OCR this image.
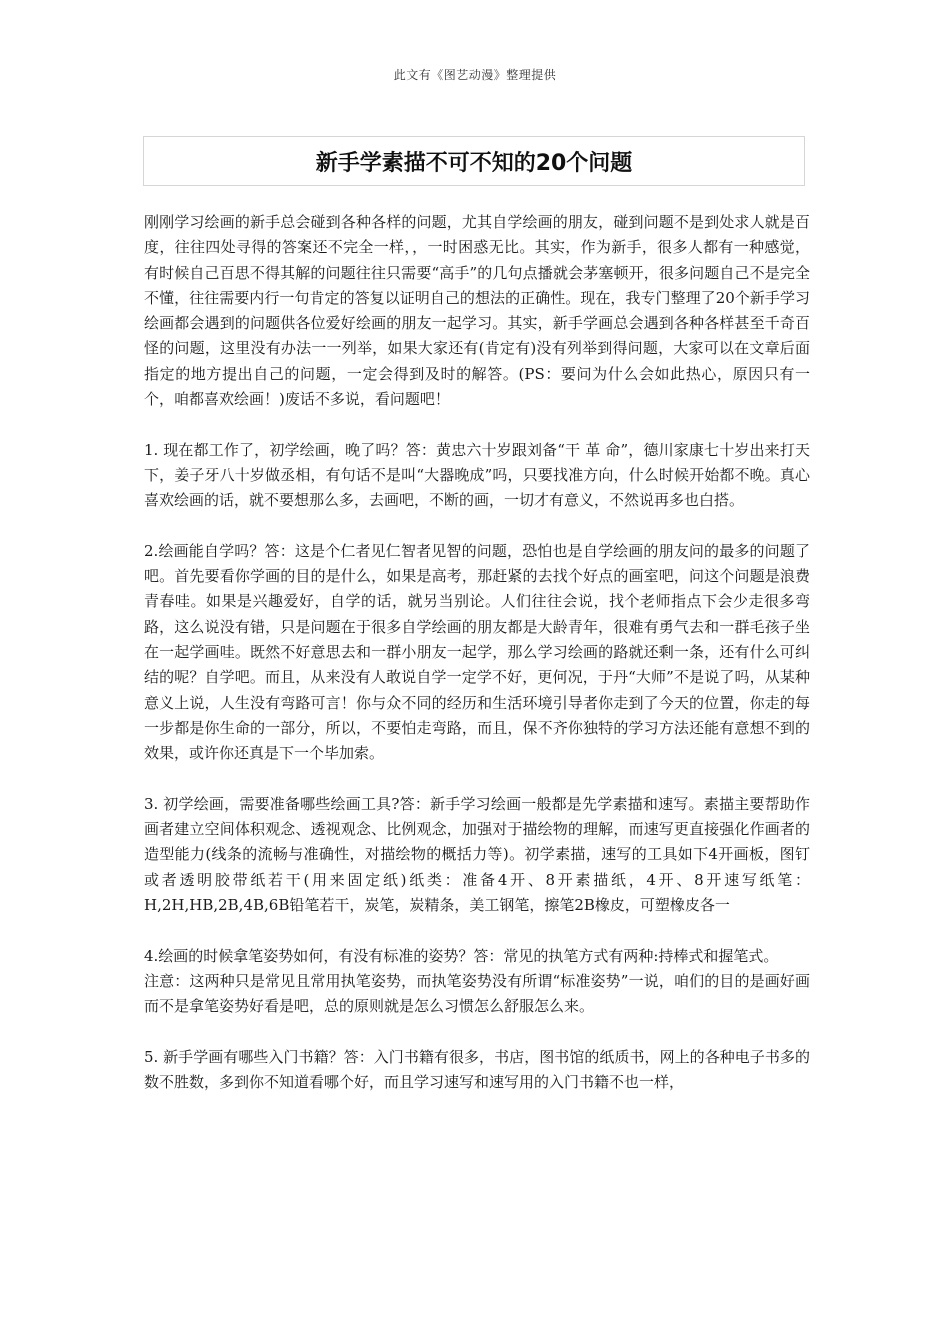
此文有《图艺动漫》整理提供
新手学素描不可不知的20个问题

刚刚学习绘画的新手总会碰到各种各样的问题，尤其自学绘画的朋友，碰到问题不是到处求人就是百度，往往四处寻得的答案还不完全一样，，一时困惑无比。其实，作为新手，很多人都有一种感觉，有时候自己百思不得其解的问题往往只需要“高手”的几句点播就会茅塞顿开，很多问题自己不是完全不懂，往往需要内行一句肯定的答复以证明自己的想法的正确性。现在，我专门整理了20个新手学习绘画都会遇到的问题供各位爱好绘画的朋友一起学习。其实，新手学画总会遇到各种各样甚至千奇百怪的问题，这里没有办法一一列举，如果大家还有(肯定有)没有列举到得问题，大家可以在文章后面指定的地方提出自己的问题，一定会得到及时的解答。(PS：要问为什么会如此热心，原因只有一个，咱都喜欢绘画！)废话不多说，看问题吧！

1. 现在都工作了，初学绘画，晚了吗？答：黄忠六十岁跟刘备“干 革 命”，德川家康七十岁出来打天下，姜子牙八十岁做丞相，有句话不是叫“大器晚成”吗，只要找准方向，什么时候开始都不晚。真心喜欢绘画的话，就不要想那么多，去画吧，不断的画，一切才有意义，不然说再多也白搭。

2.绘画能自学吗？答：这是个仁者见仁智者见智的问题，恐怕也是自学绘画的朋友问的最多的问题了吧。首先要看你学画的目的是什么，如果是高考，那赶紧的去找个好点的画室吧，问这个问题是浪费青春哇。如果是兴趣爱好，自学的话，就另当别论。人们往往会说，找个老师指点下会少走很多弯路，这么说没有错，只是问题在于很多自学绘画的朋友都是大龄青年，很难有勇气去和一群毛孩子坐在一起学画哇。既然不好意思去和一群小朋友一起学，那么学习绘画的路就还剩一条，还有什么可纠结的呢？自学吧。而且，从来没有人敢说自学一定学不好，更何况，于丹“大师”不是说了吗，从某种意义上说，人生没有弯路可言！你与众不同的经历和生活环境引导者你走到了今天的位置，你走的每一步都是你生命的一部分，所以，不要怕走弯路，而且，保不齐你独特的学习方法还能有意想不到的效果，或许你还真是下一个毕加索。

3. 初学绘画，需要准备哪些绘画工具?答：新手学习绘画一般都是先学素描和速写。素描主要帮助作画者建立空间体积观念、透视观念、比例观念，加强对于描绘物的理解，而速写更直接强化作画者的造型能力(线条的流畅与准确性，对描绘物的概括力等)。初学素描，速写的工具如下4开画板，图钉或者透明胶带纸若干(用来固定纸)纸类：准备4开、8开素描纸，4开、8开速写纸笔：H,2H,HB,2B,4B,6B铅笔若干，炭笔，炭精条，美工钢笔，擦笔2B橡皮，可塑橡皮各一

4.绘画的时候拿笔姿势如何，有没有标准的姿势？答：常见的执笔方式有两种:持棒式和握笔式。

注意：这两种只是常见且常用执笔姿势，而执笔姿势没有所谓“标准姿势”一说，咱们的目的是画好画而不是拿笔姿势好看是吧，总的原则就是怎么习惯怎么舒服怎么来。

5. 新手学画有哪些入门书籍？答：入门书籍有很多，书店，图书馆的纸质书，网上的各种电子书多的数不胜数，多到你不知道看哪个好，而且学习速写和速写用的入门书籍不也一样，
